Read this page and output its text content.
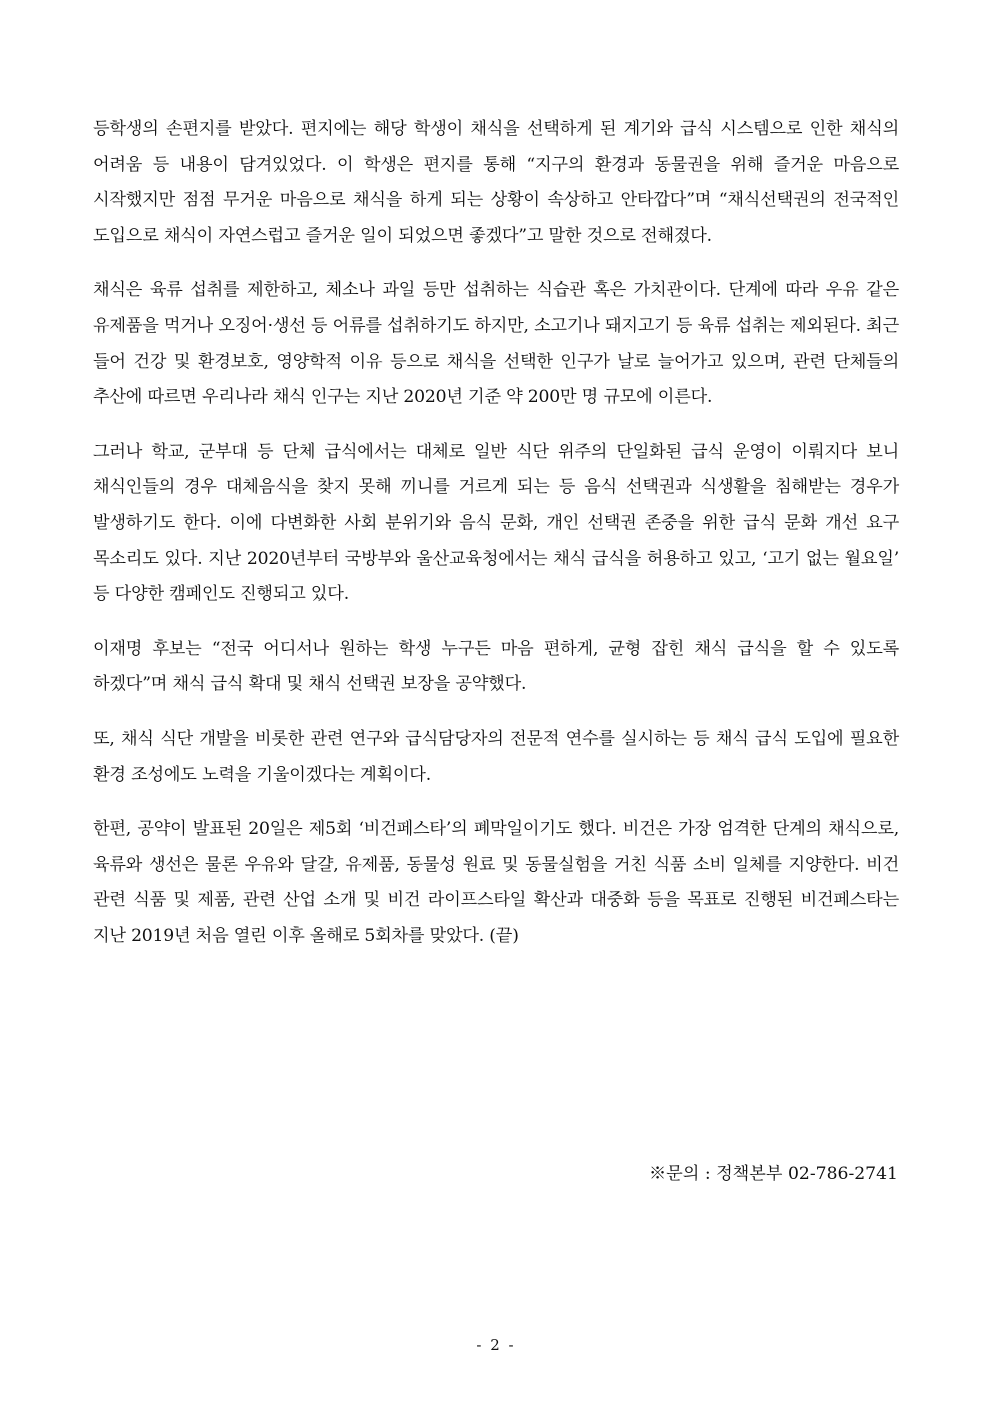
등학생의 손편지를 받았다. 편지에는 해당 학생이 채식을 선택하게 된 계기와 급식 시스템으로 인한 채식의 어려움 등 내용이 담겨있었다. 이 학생은 편지를 통해 “지구의 환경과 동물권을 위해 즐거운 마음으로 시작했지만 점점 무거운 마음으로 채식을 하게 되는 상황이 속상하고 안타깝다”며 “채식선택권의 전국적인 도입으로 채식이 자연스럽고 즐거운 일이 되었으면 좋겠다”고 말한 것으로 전해졌다.

채식은 육류 섭취를 제한하고, 체소나 과일 등만 섭취하는 식습관 혹은 가치관이다. 단계에 따라 우유 같은 유제품을 먹거나 오징어·생선 등 어류를 섭취하기도 하지만, 소고기나 돼지고기 등 육류 섭취는 제외된다. 최근 들어 건강 및 환경보호, 영양학적 이유 등으로 채식을 선택한 인구가 날로 늘어가고 있으며, 관련 단체들의 추산에 따르면 우리나라 채식 인구는 지난 2020년 기준 약 200만 명 규모에 이른다.

그러나 학교, 군부대 등 단체 급식에서는 대체로 일반 식단 위주의 단일화된 급식 운영이 이뤄지다 보니 채식인들의 경우 대체음식을 찾지 못해 끼니를 거르게 되는 등 음식 선택권과 식생활을 침해받는 경우가 발생하기도 한다. 이에 다변화한 사회 분위기와 음식 문화, 개인 선택권 존중을 위한 급식 문화 개선 요구 목소리도 있다. 지난 2020년부터 국방부와 울산교육청에서는 채식 급식을 허용하고 있고, ‘고기 없는 월요일’ 등 다양한 캠페인도 진행되고 있다.

이재명 후보는 “전국 어디서나 원하는 학생 누구든 마음 편하게, 균형 잡힌 채식 급식을 할 수 있도록 하겠다”며 채식 급식 확대 및 채식 선택권 보장을 공약했다.

또, 채식 식단 개발을 비롯한 관련 연구와 급식담당자의 전문적 연수를 실시하는 등 채식 급식 도입에 필요한 환경 조성에도 노력을 기울이겠다는 계획이다.

한편, 공약이 발표된 20일은 제5회 ‘비건페스타’의 폐막일이기도 했다. 비건은 가장 엄격한 단계의 채식으로, 육류와 생선은 물론 우유와 달걀, 유제품, 동물성 원료 및 동물실험을 거친 식품 소비 일체를 지양한다. 비건 관련 식품 및 제품, 관련 산업 소개 및 비건 라이프스타일 확산과 대중화 등을 목표로 진행된 비건페스타는 지난 2019년 처음 열린 이후 올해로 5회차를 맞았다. (끝)

※문의 : 정책본부 02-786-2741
- 2 -
